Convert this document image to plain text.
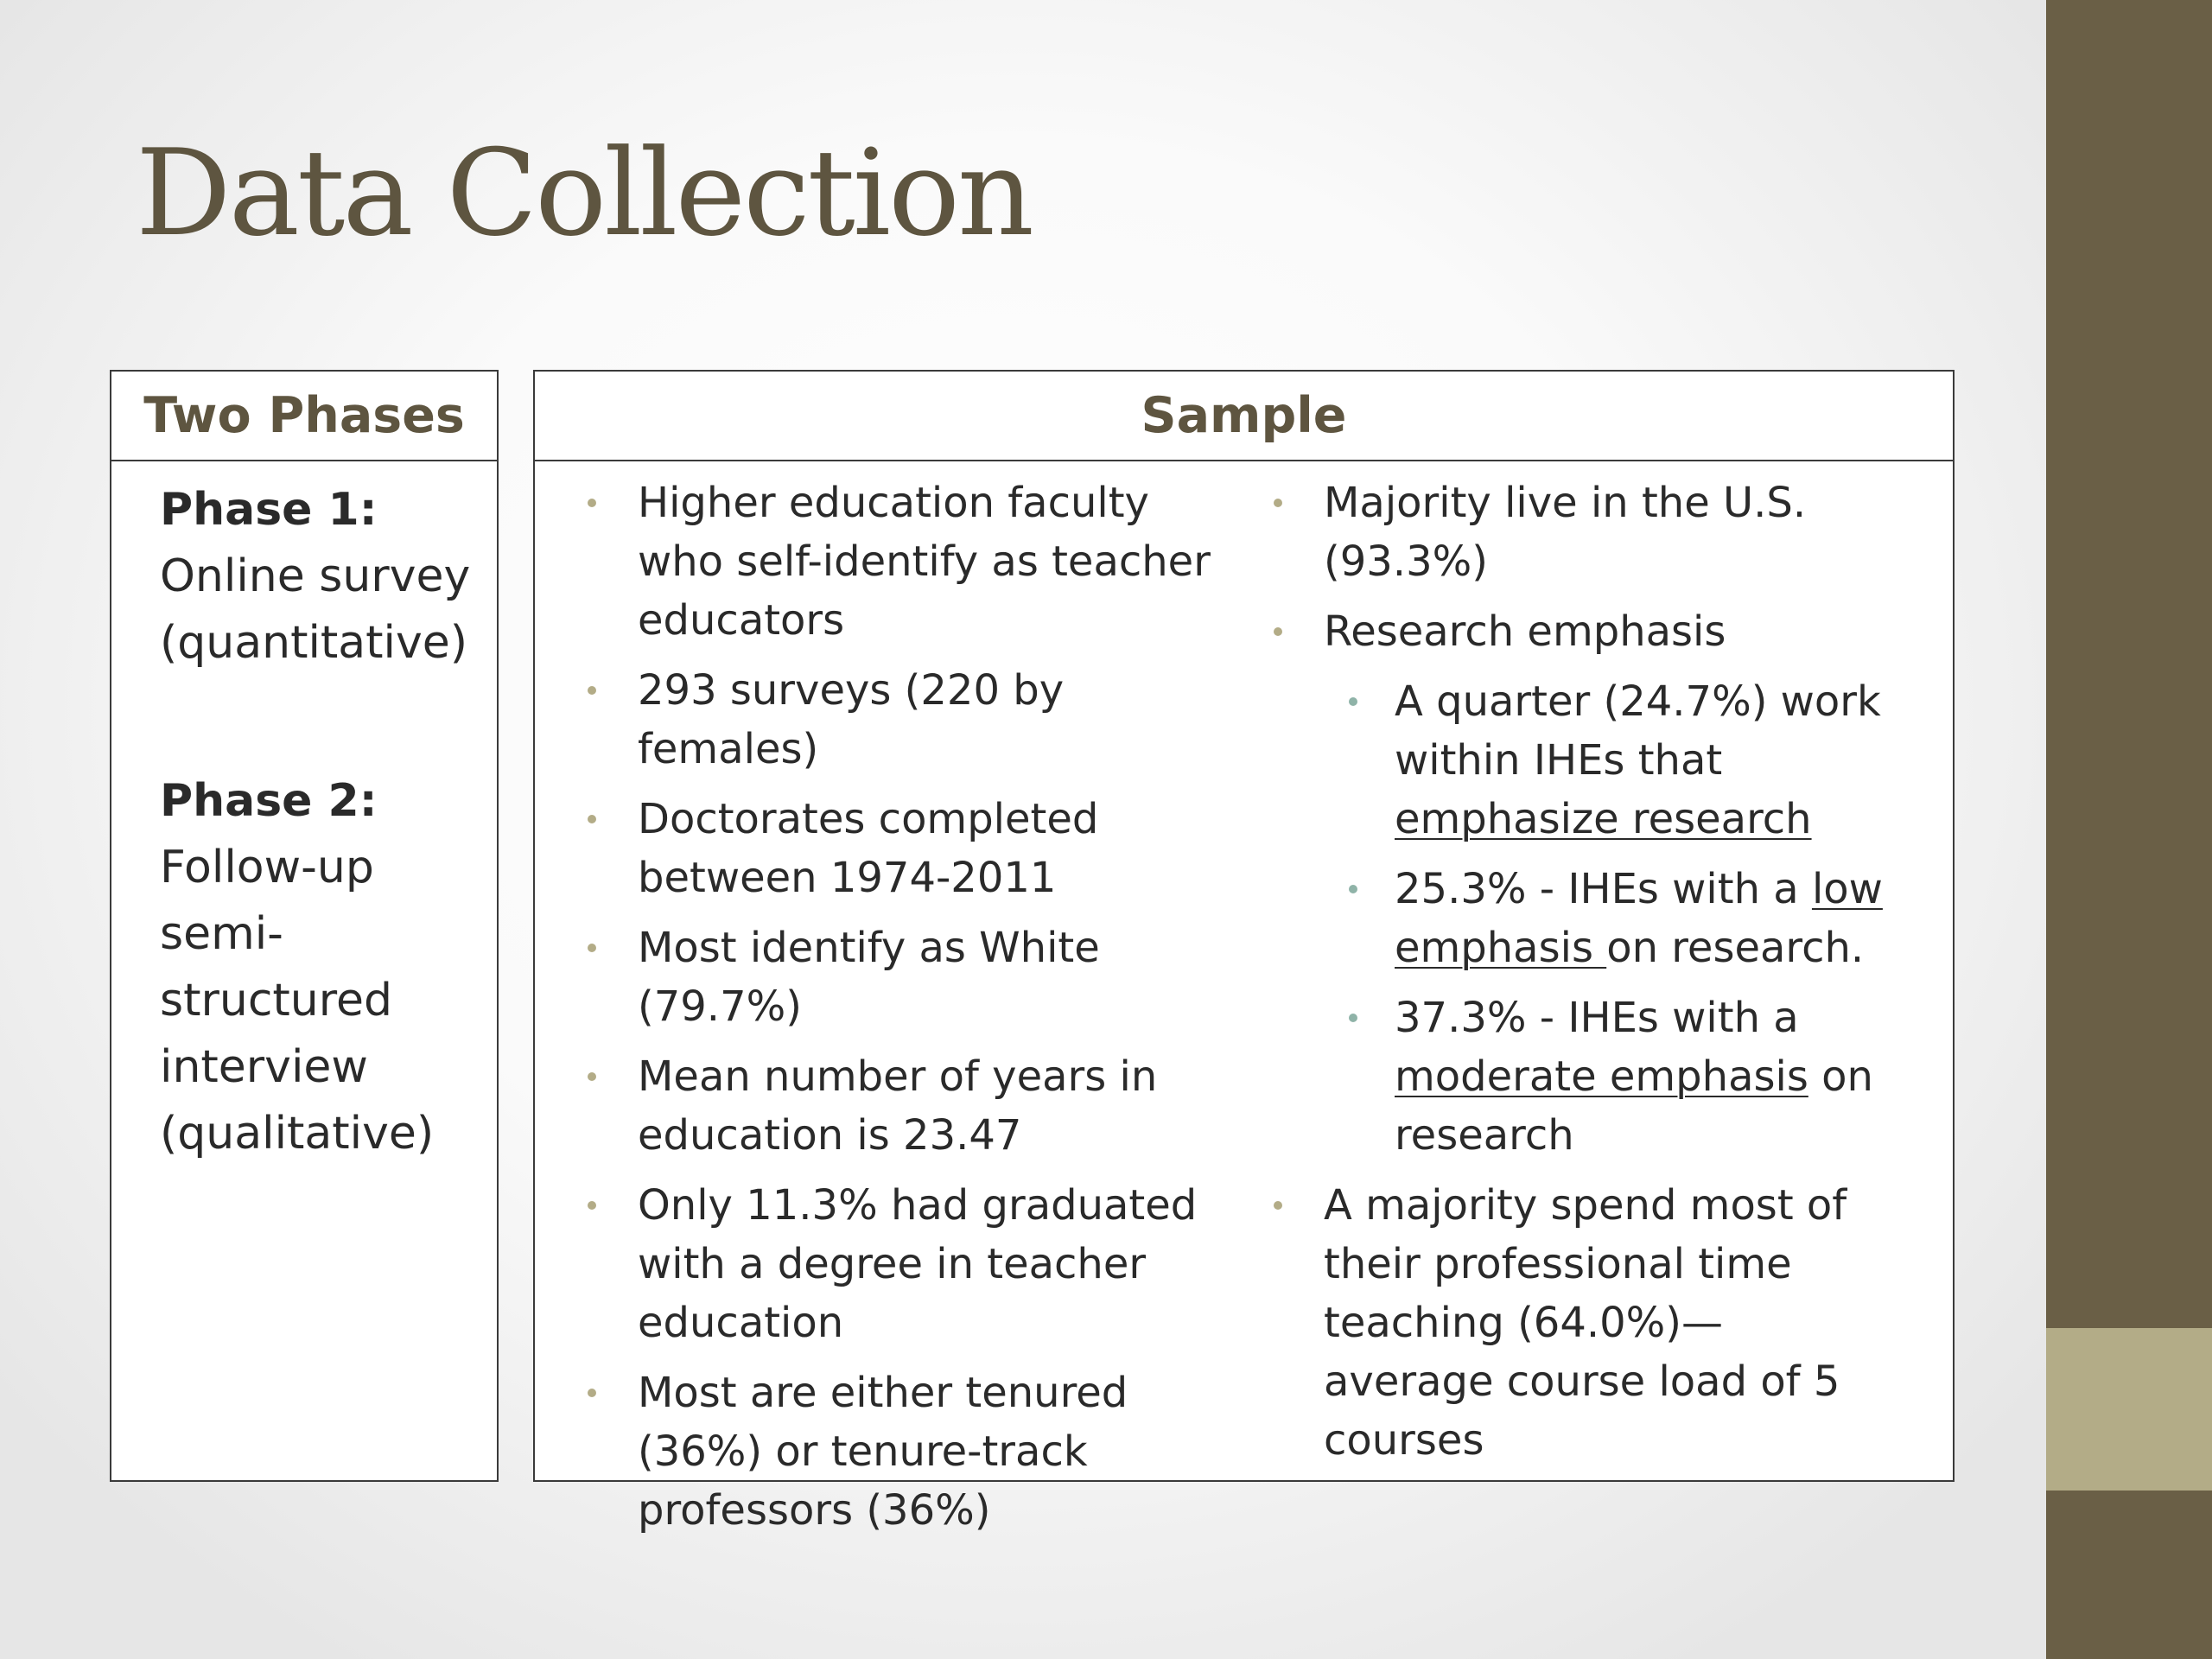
Data Collection
Two Phases
Phase 1:
Online survey (quantitative)
Phase 2:
Follow-up semi-structured interview (qualitative)
Sample
Higher education faculty who self-identify as teacher educators
293 surveys (220 by females)
Doctorates completed between 1974-2011
Most identify as White (79.7%)
Mean number of years in education is 23.47
Only 11.3% had graduated with a degree in teacher education
Most are either tenured (36%) or tenure-track professors (36%)
Majority live in the U.S. (93.3%)
Research emphasis
A quarter (24.7%) work within IHEs that emphasize research
25.3% - IHEs with a low emphasis on research.
37.3% - IHEs with a moderate emphasis on research
A majority spend most of their professional time teaching (64.0%)—average course load of 5 courses
